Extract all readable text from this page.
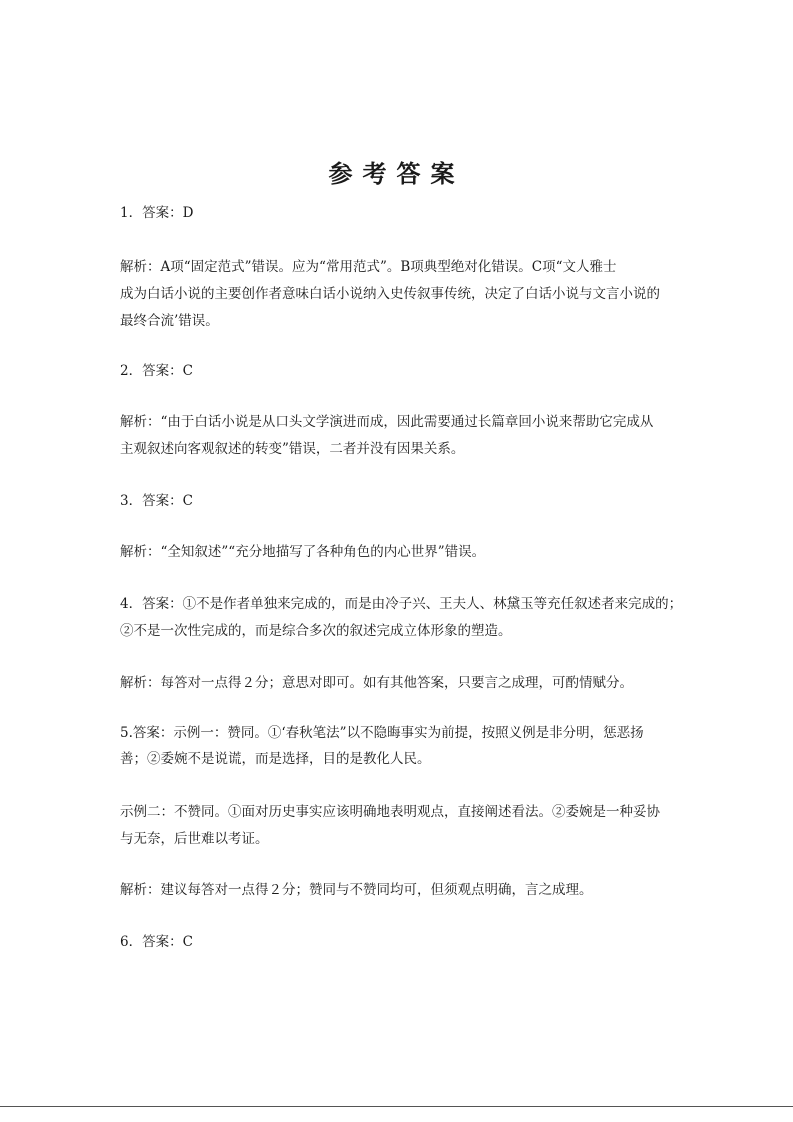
参考答案
1．答案：D
解析：A项“固定范式”错误。应为“常用范式”。B项典型绝对化错误。C项“文人雅士
成为白话小说的主要创作者意味白话小说纳入史传叙事传统，决定了白话小说与文言小说的
最终合流’错误。
2．答案：C
解析：“由于白话小说是从口头文学演进而成，因此需要通过长篇章回小说来帮助它完成从
主观叙述向客观叙述的转变”错误，二者并没有因果关系。
3．答案：C
解析：“全知叙述”“充分地描写了各种角色的内心世界”错误。
4．答案：①不是作者单独来完成的，而是由冷子兴、王夫人、林黛玉等充任叙述者来完成的；
②不是一次性完成的，而是综合多次的叙述完成立体形象的塑造。
解析：每答对一点得２分；意思对即可。如有其他答案，只要言之成理，可酌情赋分。
5.答案：示例一：赞同。①‘春秋笔法”以不隐晦事实为前提，按照义例是非分明，惩恶扬
善；②委婉不是说谎，而是选择，目的是教化人民。
示例二：不赞同。①面对历史事实应该明确地表明观点，直接阐述看法。②委婉是一种妥协
与无奈，后世难以考证。
解析：建议每答对一点得２分；赞同与不赞同均可，但须观点明确，言之成理。
6．答案：C
